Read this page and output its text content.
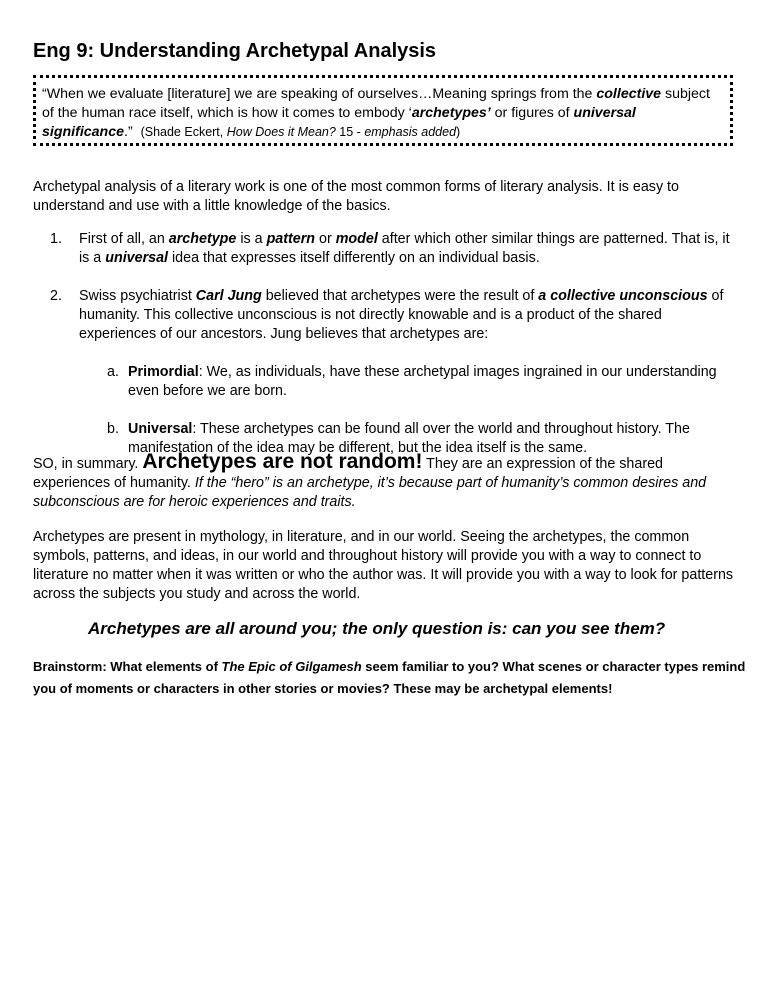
Eng 9: Understanding Archetypal Analysis
“When we evaluate [literature] we are speaking of ourselves…Meaning springs from the collective subject of the human race itself, which is how it comes to embody ‘archetypes’ or figures of universal significance.” (Shade Eckert, How Does it Mean? 15 - emphasis added)

Archetypal analysis of a literary work is one of the most common forms of literary analysis. It is easy to understand and use with a little knowledge of the basics.

1. First of all, an archetype is a pattern or model after which other similar things are patterned. That is, it is a universal idea that expresses itself differently on an individual basis.
2. Swiss psychiatrist Carl Jung believed that archetypes were the result of a collective unconscious of humanity. This collective unconscious is not directly knowable and is a product of the shared experiences of our ancestors. Jung believes that archetypes are:
a. Primordial: We, as individuals, have these archetypal images ingrained in our understanding even before we are born.
b. Universal: These archetypes can be found all over the world and throughout history. The manifestation of the idea may be different, but the idea itself is the same.

SO, in summary. Archetypes are not random! They are an expression of the shared experiences of humanity. If the “hero” is an archetype, it’s because part of humanity’s common desires and subconscious are for heroic experiences and traits.

Archetypes are present in mythology, in literature, and in our world. Seeing the archetypes, the common symbols, patterns, and ideas, in our world and throughout history will provide you with a way to connect to literature no matter when it was written or who the author was. It will provide you with a way to look for patterns across the subjects you study and across the world.

Archetypes are all around you; the only question is: can you see them?

Brainstorm: What elements of The Epic of Gilgamesh seem familiar to you? What scenes or character types remind you of moments or characters in other stories or movies? These may be archetypal elements!
